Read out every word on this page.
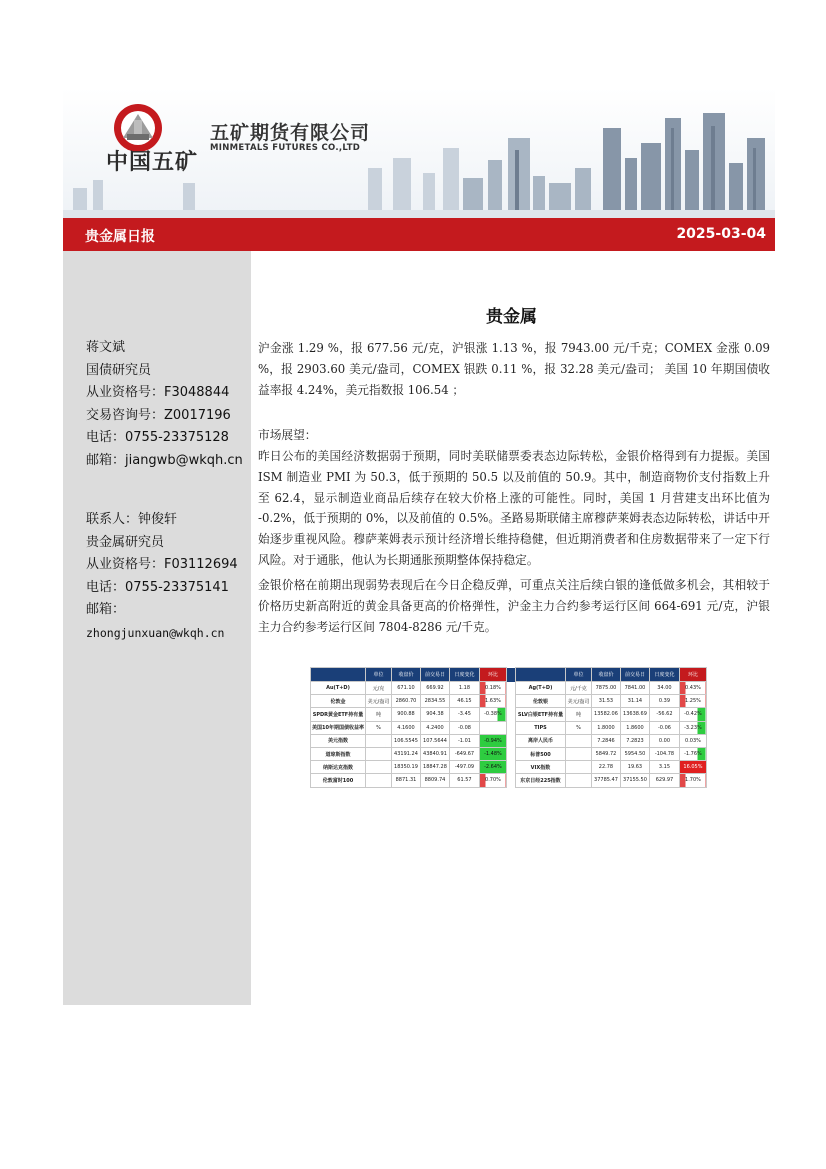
中国五矿
五矿期货有限公司
MINMETALS FUTURES CO.,LTD
贵金属日报	2025-03-04
蒋文斌
国债研究员
从业资格号：F3048844
交易咨询号：Z0017196
电话：0755-23375128
邮箱：jiangwb@wkqh.cn
联系人：钟俊轩
贵金属研究员
从业资格号：F03112694
电话：0755-23375141
邮箱：
zhongjunxuan@wkqh.cn
贵金属
沪金涨 1.29 %，报 677.56 元/克，沪银涨 1.13 %，报 7943.00 元/千克；COMEX 金涨 0.09 %，报 2903.60 美元/盎司，COMEX 银跌 0.11 %，报 32.28 美元/盎司； 美国 10 年期国债收益率报 4.24%，美元指数报 106.54 ；
市场展望：
昨日公布的美国经济数据弱于预期，同时美联储票委表态边际转松，金银价格得到有力提振。美国 ISM 制造业 PMI 为 50.3，低于预期的 50.5 以及前值的 50.9。其中，制造商物价支付指数上升至 62.4，显示制造业商品后续存在较大价格上涨的可能性。同时，美国 1 月营建支出环比值为 -0.2%，低于预期的 0%，以及前值的 0.5%。圣路易斯联储主席穆萨莱姆表态边际转松，讲话中开始逐步重视风险。穆萨莱姆表示预计经济增长维持稳健，但近期消费者和住房数据带来了一定下行风险。对于通胀，他认为长期通胀预期整体保持稳定。
金银价格在前期出现弱势表现后在今日企稳反弹，可重点关注后续白银的逢低做多机会，其相较于价格历史新高附近的黄金具备更高的价格弹性，沪金主力合约参考运行区间 664-691 元/克，沪银主力合约参考运行区间 7804-8286 元/千克。
	单位	收盘价	前交易日	日度变化	环比			单位	收盘价	前交易日	日度变化	环比
Au(T+D)	元/克	671.10	669.92	1.18	0.18%		Ag(T+D)	元/千克	7875.00	7841.00	34.00	0.43%
伦敦金	美元/盎司	2860.70	2834.55	46.15	1.63%		伦敦银	美元/盎司	31.53	31.14	0.39	1.25%
SPDR黄金ETF持有量	吨	900.88	904.38	-3.45	-0.38%		SLV白银ETF持有量	吨	13582.06	13638.69	-56.62	-0.42%
美国10年期国债收益率	%	4.1600	4.2400	-0.08			TIPS	%	1.8000	1.8600	-0.06	-3.23%
美元指数		106.5545	107.5644	-1.01	-0.94%		离岸人民币		7.2846	7.2823	0.00	0.03%
道琼斯指数		43191.24	43840.91	-649.67	-1.48%		标普500		5849.72	5954.50	-104.78	-1.76%
纳斯达克指数		18350.19	18847.28	-497.09	-2.64%		VIX指数		22.78	19.63	3.15	16.05%
伦敦富时100		8871.31	8809.74	61.57	0.70%		东京日经225指数		37785.47	37155.50	629.97	1.70%
